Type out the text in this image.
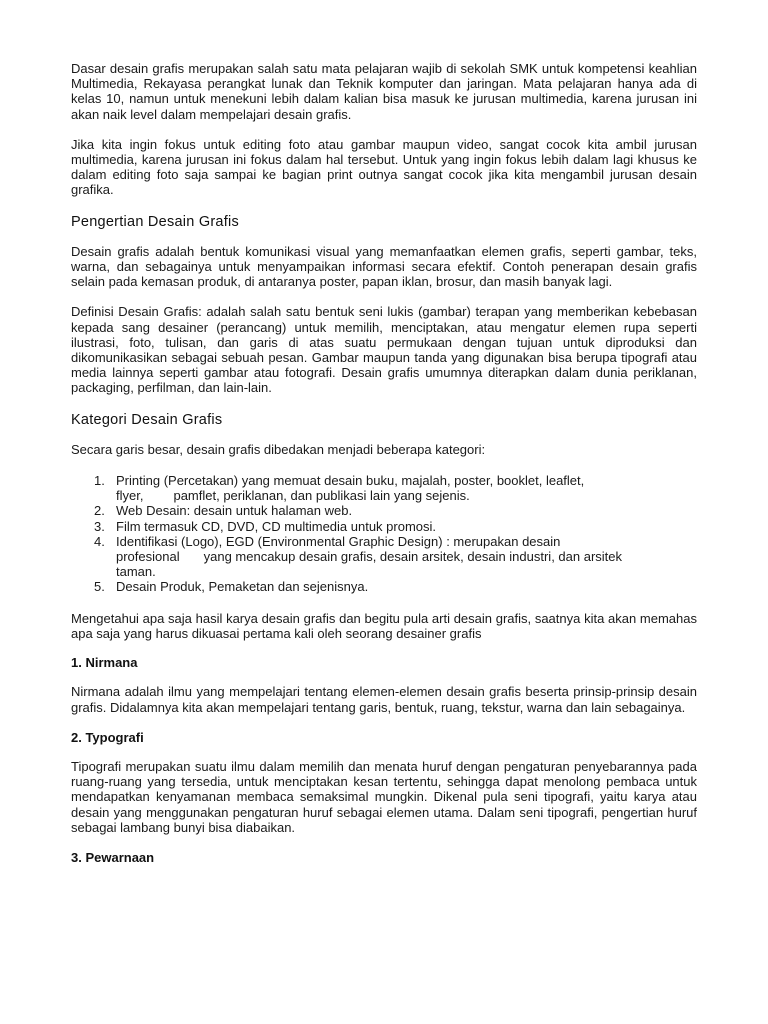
Dasar desain grafis merupakan salah satu mata pelajaran wajib di sekolah SMK untuk kompetensi keahlian Multimedia, Rekayasa perangkat lunak dan Teknik komputer dan jaringan. Mata pelajaran hanya ada di kelas 10, namun untuk menekuni lebih dalam kalian bisa masuk ke jurusan multimedia, karena jurusan ini akan naik level dalam mempelajari desain grafis.

Jika kita ingin fokus untuk editing foto atau gambar maupun video, sangat cocok kita ambil jurusan multimedia, karena jurusan ini fokus dalam hal tersebut. Untuk yang ingin fokus lebih dalam lagi khusus ke dalam editing foto saja sampai ke bagian print outnya sangat cocok jika kita mengambil jurusan desain grafika.

Pengertian Desain Grafis

Desain grafis adalah bentuk komunikasi visual yang memanfaatkan elemen grafis, seperti gambar, teks, warna, dan sebagainya untuk menyampaikan informasi secara efektif. Contoh penerapan desain grafis selain pada kemasan produk, di antaranya poster, papan iklan, brosur, dan masih banyak lagi.

Definisi Desain Grafis: adalah salah satu bentuk seni lukis (gambar) terapan yang memberikan kebebasan kepada sang desainer (perancang) untuk memilih, menciptakan, atau mengatur elemen rupa seperti ilustrasi, foto, tulisan, dan garis di atas suatu permukaan dengan tujuan untuk diproduksi dan dikomunikasikan sebagai sebuah pesan. Gambar maupun tanda yang digunakan bisa berupa tipografi atau media lainnya seperti gambar atau fotografi. Desain grafis umumnya diterapkan dalam dunia periklanan, packaging, perfilman, dan lain-lain.

Kategori Desain Grafis

Secara garis besar, desain grafis dibedakan menjadi beberapa kategori:

1. Printing (Percetakan) yang memuat desain buku, majalah, poster, booklet, leaflet,
flyer, pamflet, periklanan, dan publikasi lain yang sejenis.
2. Web Desain: desain untuk halaman web.
3. Film termasuk CD, DVD, CD multimedia untuk promosi.
4. Identifikasi (Logo), EGD (Environmental Graphic Design) : merupakan desain
profesional yang mencakup desain grafis, desain arsitek, desain industri, dan arsitek
taman.
5. Desain Produk, Pemaketan dan sejenisnya.

Mengetahui apa saja hasil karya desain grafis dan begitu pula arti desain grafis, saatnya kita akan memahas apa saja yang harus dikuasai pertama kali oleh seorang desainer grafis

1. Nirmana

Nirmana adalah ilmu yang mempelajari tentang elemen-elemen desain grafis beserta prinsip-prinsip desain grafis. Didalamnya kita akan mempelajari tentang garis, bentuk, ruang, tekstur, warna dan lain sebagainya.

2. Typografi

Tipografi merupakan suatu ilmu dalam memilih dan menata huruf dengan pengaturan penyebarannya pada ruang-ruang yang tersedia, untuk menciptakan kesan tertentu, sehingga dapat menolong pembaca untuk mendapatkan kenyamanan membaca semaksimal mungkin. Dikenal pula seni tipografi, yaitu karya atau desain yang menggunakan pengaturan huruf sebagai elemen utama. Dalam seni tipografi, pengertian huruf sebagai lambang bunyi bisa diabaikan.

3. Pewarnaan
